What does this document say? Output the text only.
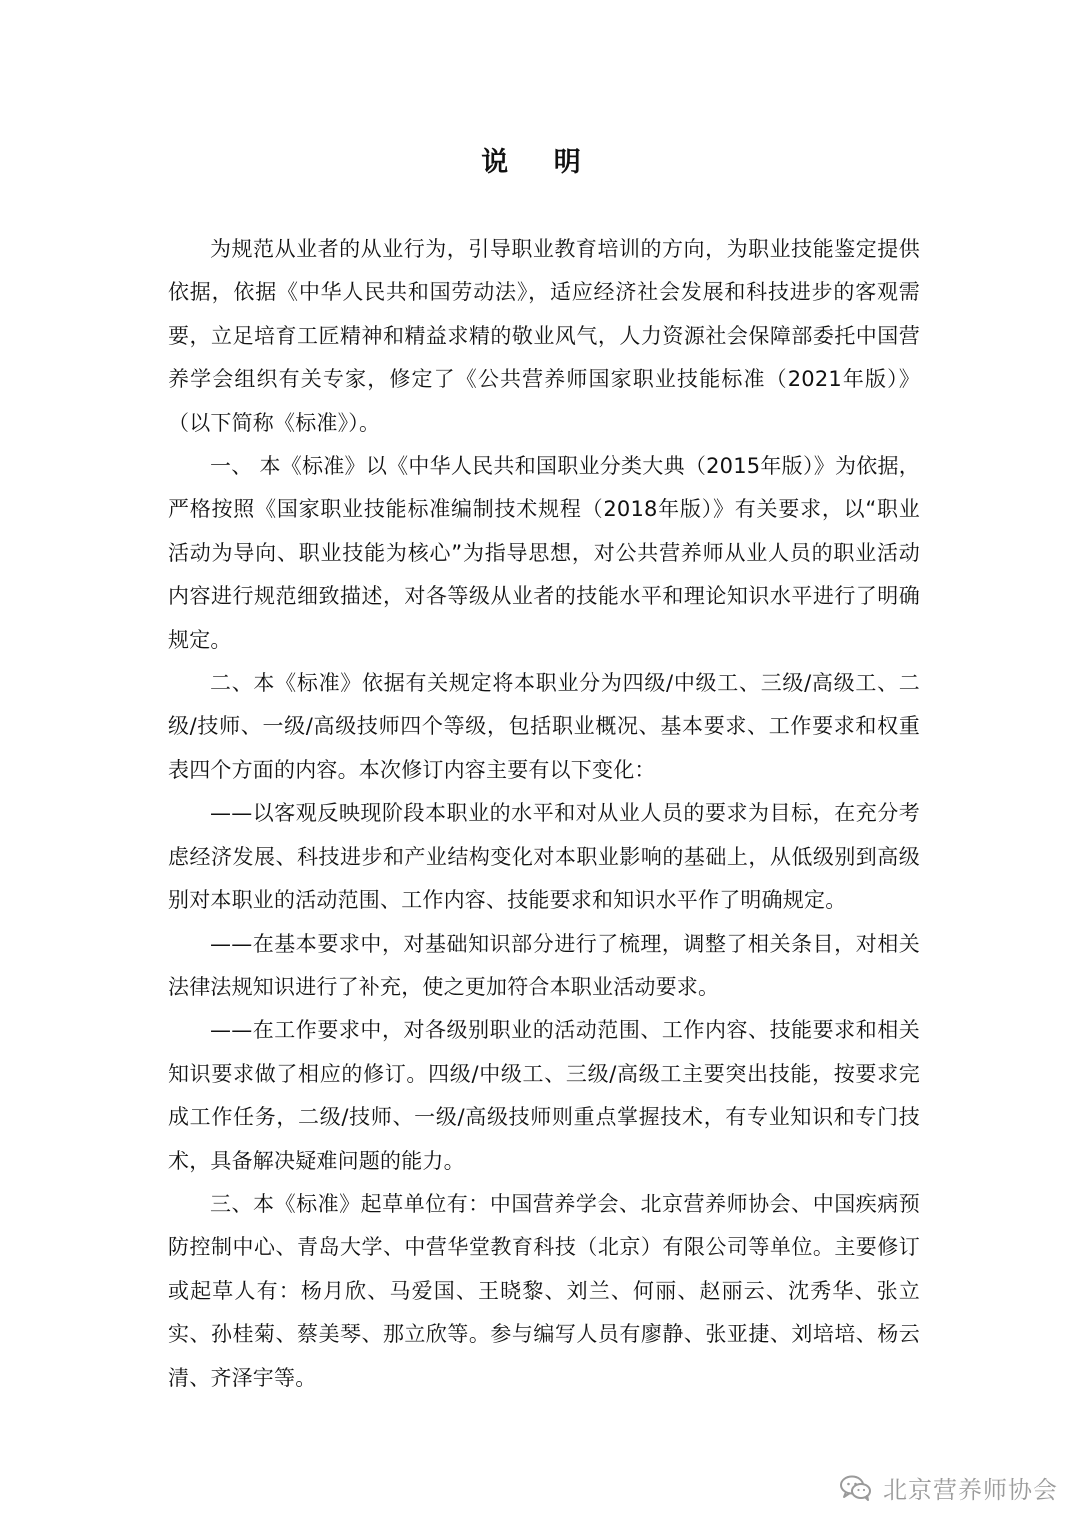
说 明

为规范从业者的从业行为，引导职业教育培训的方向，为职业技能鉴定提供依据，依据《中华人民共和国劳动法》，适应经济社会发展和科技进步的客观需要，立足培育工匠精神和精益求精的敬业风气，人力资源社会保障部委托中国营养学会组织有关专家，修定了《公共营养师国家职业技能标准（2021年版）》（以下简称《标准》）。

一、 本《标准》以《中华人民共和国职业分类大典（2015年版）》为依据，严格按照《国家职业技能标准编制技术规程（2018年版）》有关要求，以“职业活动为导向、职业技能为核心”为指导思想，对公共营养师从业人员的职业活动内容进行规范细致描述，对各等级从业者的技能水平和理论知识水平进行了明确规定。

二、本《标准》依据有关规定将本职业分为四级/中级工、三级/高级工、二级/技师、一级/高级技师四个等级，包括职业概况、基本要求、工作要求和权重表四个方面的内容。本次修订内容主要有以下变化：

——以客观反映现阶段本职业的水平和对从业人员的要求为目标，在充分考虑经济发展、科技进步和产业结构变化对本职业影响的基础上，从低级别到高级别对本职业的活动范围、工作内容、技能要求和知识水平作了明确规定。

——在基本要求中，对基础知识部分进行了梳理，调整了相关条目，对相关法律法规知识进行了补充，使之更加符合本职业活动要求。

——在工作要求中，对各级别职业的活动范围、工作内容、技能要求和相关知识要求做了相应的修订。四级/中级工、三级/高级工主要突出技能，按要求完成工作任务，二级/技师、一级/高级技师则重点掌握技术，有专业知识和专门技术，具备解决疑难问题的能力。

三、本《标准》起草单位有：中国营养学会、北京营养师协会、中国疾病预防控制中心、青岛大学、中营华堂教育科技（北京）有限公司等单位。主要修订或起草人有：杨月欣、马爱国、王晓黎、刘兰、何丽、赵丽云、沈秀华、张立实、孙桂菊、蔡美琴、那立欣等。参与编写人员有廖静、张亚捷、刘培培、杨云清、齐泽宇等。

北京营养师协会
